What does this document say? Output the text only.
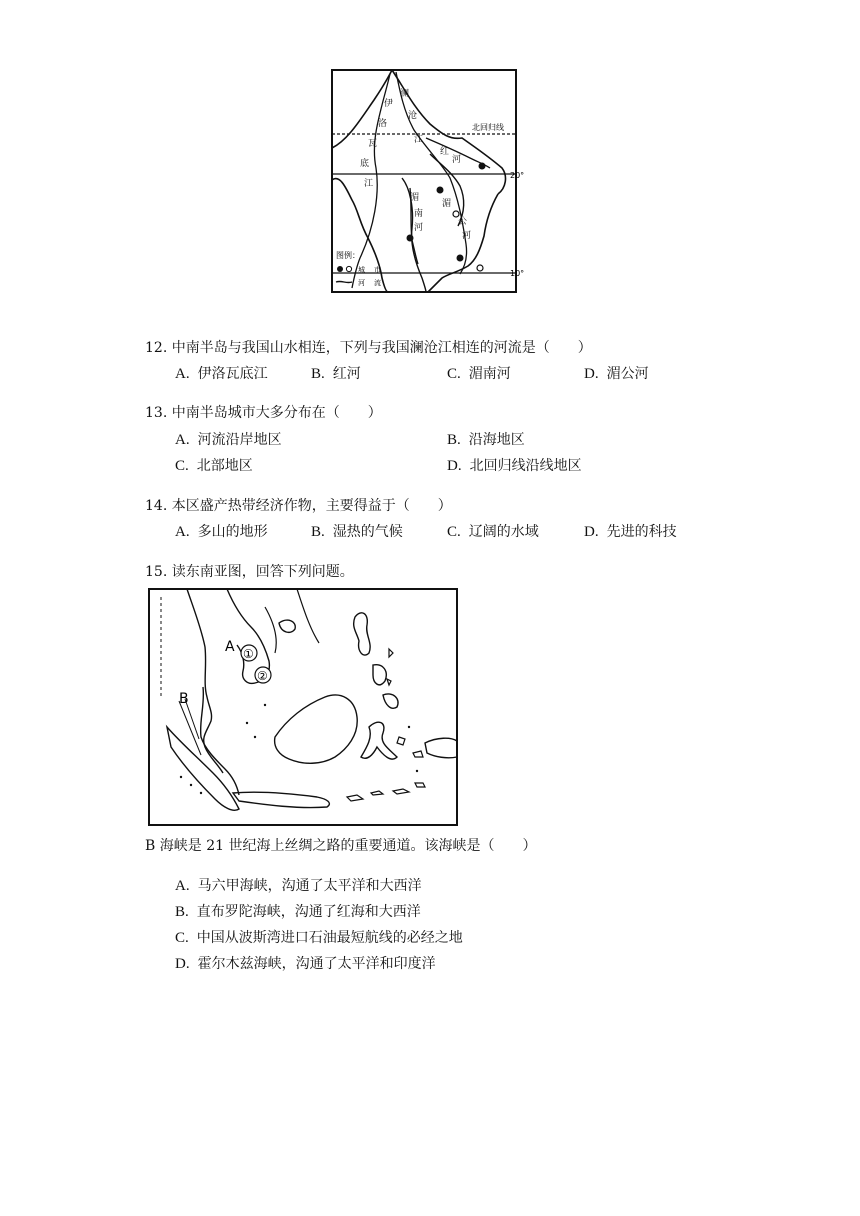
北回归线
20°
10°
伊
洛
瓦
底
江
澜
沧
江
红
河
湄
南
河
湄
公
河
图例：
城 市
河 流
12. 中南半岛与我国山水相连，下列与我国澜沧江相连的河流是（　　）
A. 伊洛瓦底江	B. 红河	C. 湄南河	D. 湄公河
13. 中南半岛城市大多分布在（　　）
A. 河流沿岸地区	B. 沿海地区
C. 北部地区	D. 北回归线沿线地区
14. 本区盛产热带经济作物，主要得益于（　　）
A. 多山的地形	B. 湿热的气候	C. 辽阔的水域	D. 先进的科技
15. 读东南亚图，回答下列问题。
A
B
①
②
B 海峡是 21 世纪海上丝绸之路的重要通道。该海峡是（　　）
A. 马六甲海峡，沟通了太平洋和大西洋
B. 直布罗陀海峡，沟通了红海和大西洋
C. 中国从波斯湾进口石油最短航线的必经之地
D. 霍尔木兹海峡，沟通了太平洋和印度洋
